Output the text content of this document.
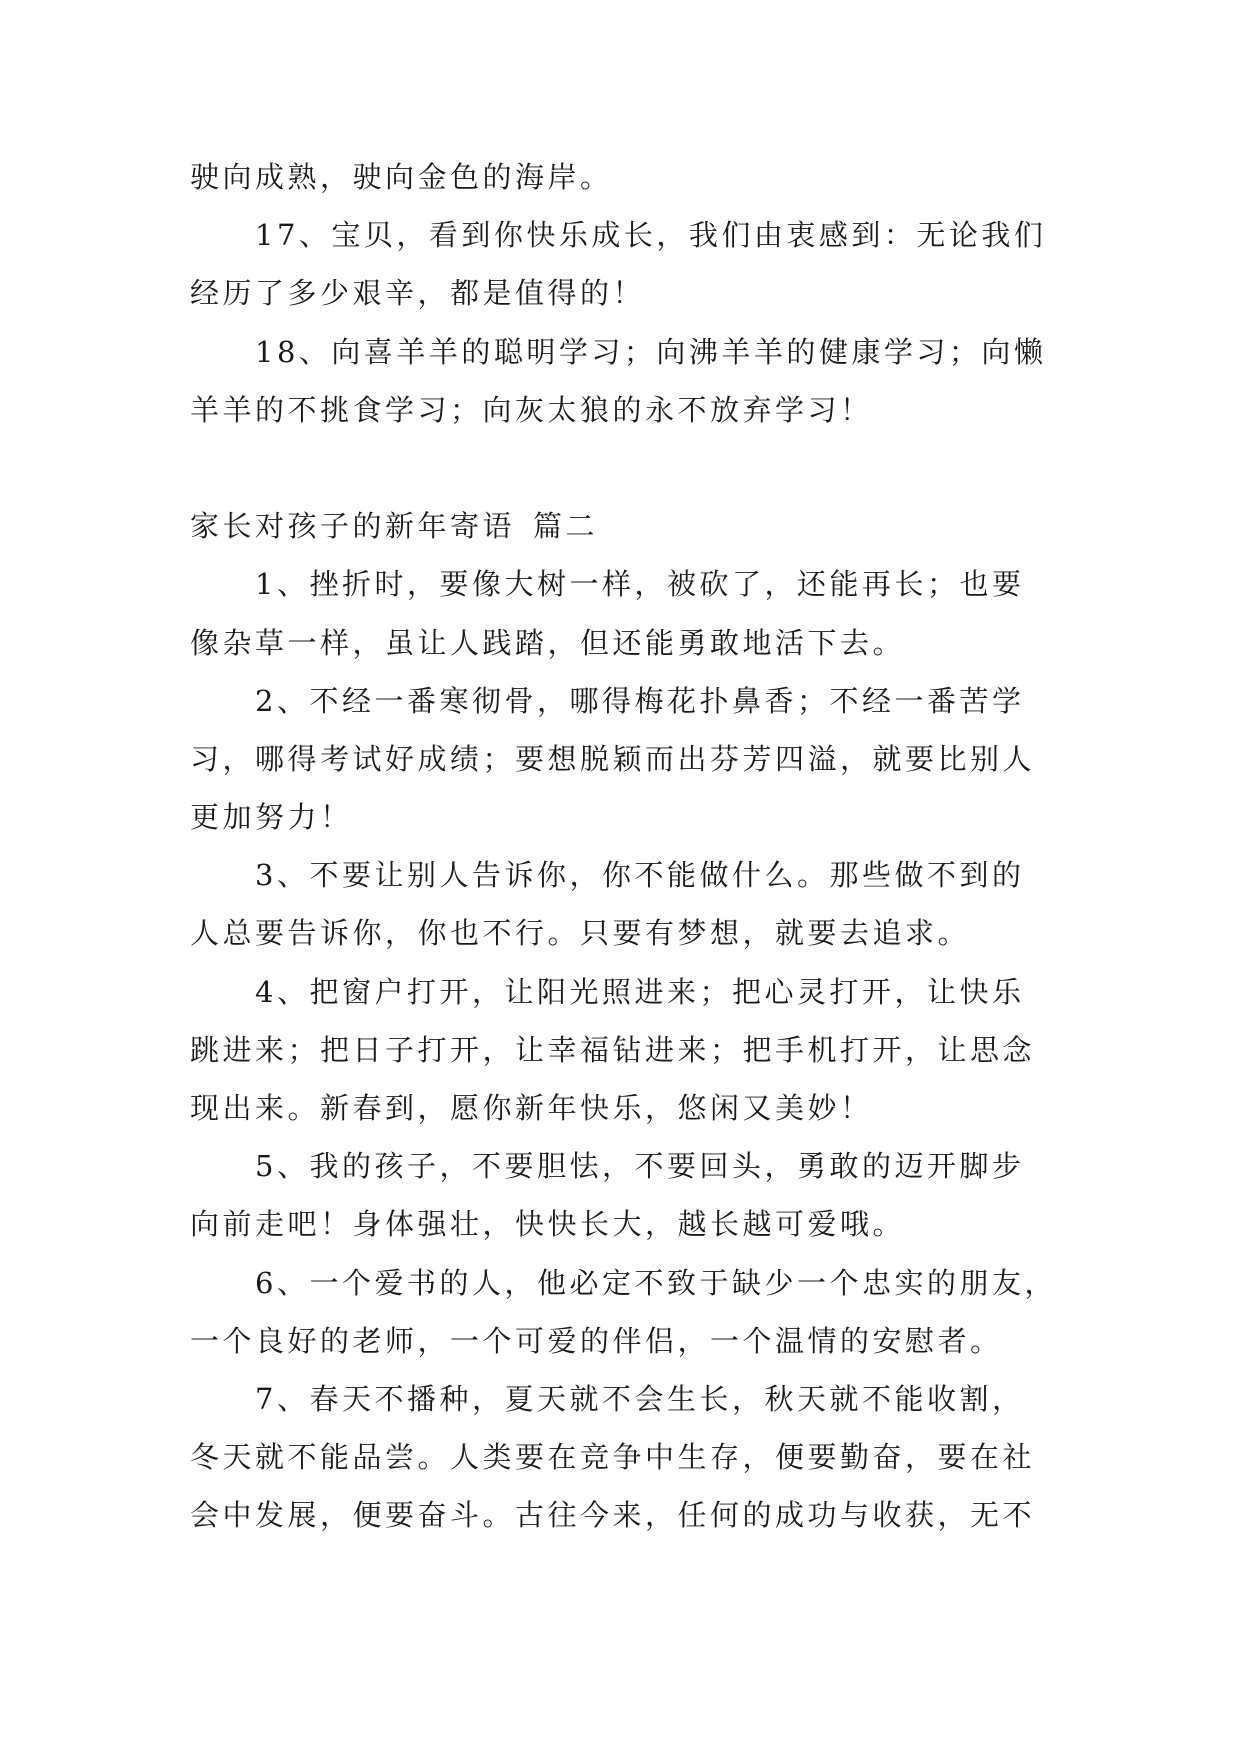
驶向成熟，驶向金色的海岸。
17、宝贝，看到你快乐成长，我们由衷感到：无论我们
经历了多少艰辛，都是值得的！
18、向喜羊羊的聪明学习；向沸羊羊的健康学习；向懒
羊羊的不挑食学习；向灰太狼的永不放弃学习！
家长对孩子的新年寄语 篇二
1、挫折时，要像大树一样，被砍了，还能再长；也要
像杂草一样，虽让人践踏，但还能勇敢地活下去。
2、不经一番寒彻骨，哪得梅花扑鼻香；不经一番苦学
习，哪得考试好成绩；要想脱颖而出芬芳四溢，就要比别人
更加努力！
3、不要让别人告诉你，你不能做什么。那些做不到的
人总要告诉你，你也不行。只要有梦想，就要去追求。
4、把窗户打开，让阳光照进来；把心灵打开，让快乐
跳进来；把日子打开，让幸福钻进来；把手机打开，让思念
现出来。新春到，愿你新年快乐，悠闲又美妙！
5、我的孩子，不要胆怯，不要回头，勇敢的迈开脚步
向前走吧！身体强壮，快快长大，越长越可爱哦。
6、一个爱书的人，他必定不致于缺少一个忠实的朋友，
一个良好的老师，一个可爱的伴侣，一个温情的安慰者。
7、春天不播种，夏天就不会生长，秋天就不能收割，
冬天就不能品尝。人类要在竞争中生存，便要勤奋，要在社
会中发展，便要奋斗。古往今来，任何的成功与收获，无不
